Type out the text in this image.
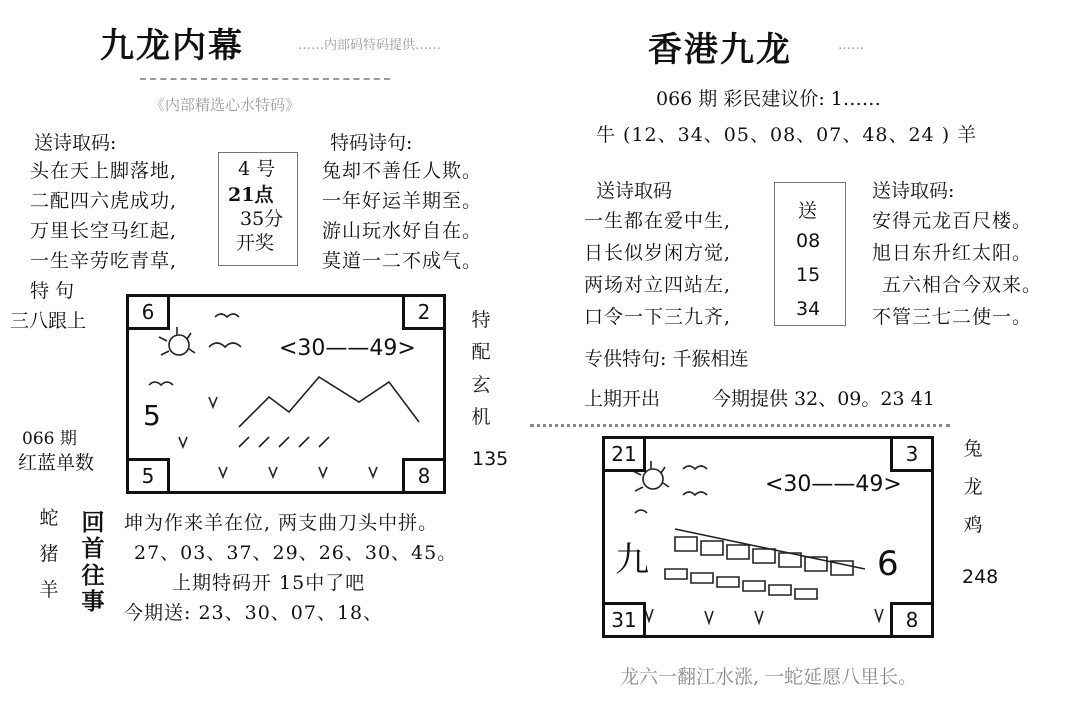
九龙内幕	……内部码特码提供……
《内部精选心水特码》
送诗取码:
头在天上脚落地,
二配四六虎成功,
万里长空马红起,
一生辛劳吃青草,
4 号
21点
35分
开奖
特码诗句:
兔却不善任人欺。
一年好运羊期至。
游山玩水好自在。
莫道一二不成气。
特 句
三八跟上
<30——49>
5
6	2
5	8
特配玄机
135
066 期
红蓝单数
蛇猪羊
回首往事
坤为作来羊在位, 两支曲刀头中拼。
27、03、37、29、26、30、45。
上期特码开 15中了吧
今期送: 23、30、07、18、
香港九龙	……
066 期 彩民建议价: 1……
牛 (12、34、05、08、07、48、24 ) 羊
送诗取码
一生都在爱中生,
日长似岁闲方觉,
两场对立四站左,
口令一下三九齐,
送
08
15
34
送诗取码:
安得元龙百尺楼。
旭日东升红太阳。
五六相合今双来。
不管三七二使一。
专供特句: 千猴相连
上期开出	今期提供 32、09。23 41
<30——49>
九	6
21	3
31	8
兔龙鸡
248
龙六一翻江水涨, 一蛇延愿八里长。
